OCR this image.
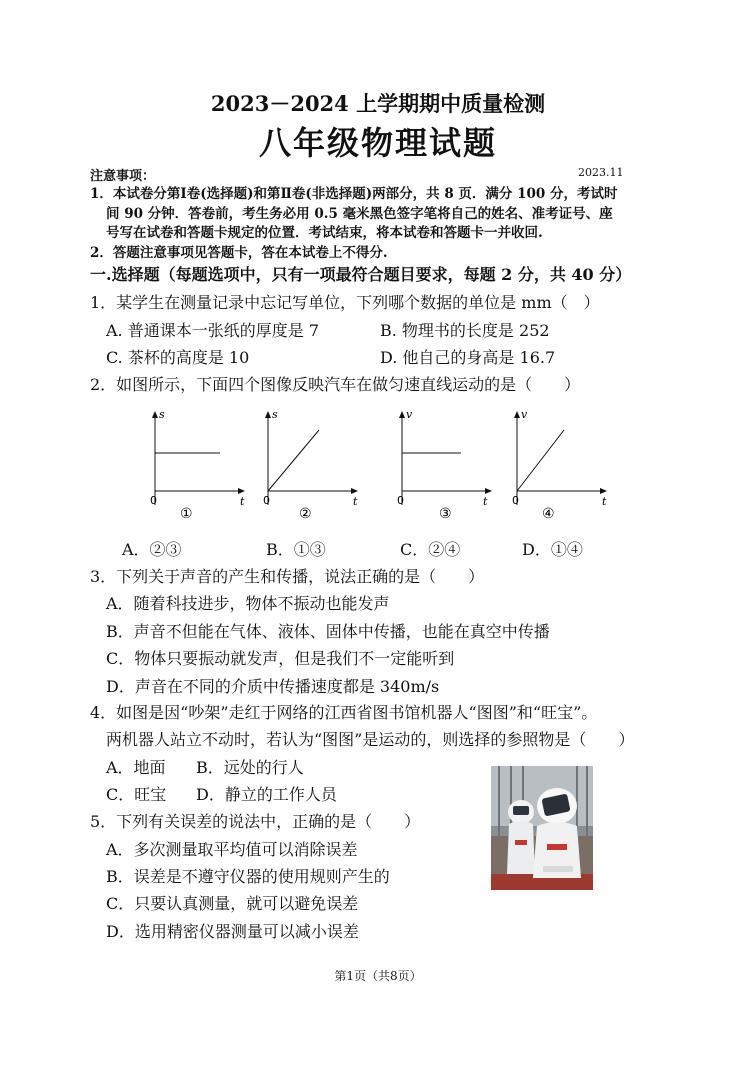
2023－2024 上学期期中质量检测
八年级物理试题
注意事项：	2023.11
1．本试卷分第Ⅰ卷(选择题)和第Ⅱ卷(非选择题)两部分，共 8 页．满分 100 分，考试时
间 90 分钟．答卷前，考生务必用 0.5 毫米黑色签字笔将自己的姓名、准考证号、座
号写在试卷和答题卡规定的位置．考试结束，将本试卷和答题卡一并收回.
2．答题注意事项见答题卡，答在本试卷上不得分.
一.选择题（每题选项中，只有一项最符合题目要求，每题 2 分，共 40 分）
1．某学生在测量记录中忘记写单位，下列哪个数据的单位是 mm（　）
A. 普通课本一张纸的厚度是 7	B. 物理书的长度是 252
C. 茶杯的高度是 10	D. 他自己的身高是 16.7
2．如图所示，下面四个图像反映汽车在做匀速直线运动的是（　　）
s
t
0
①
s
t
0
②
v
t
0
③
v
t
0
④
A．②③	B．①③	C．②④	D．①④
3．下列关于声音的产生和传播，说法正确的是（　　）
A．随着科技进步，物体不振动也能发声
B．声音不但能在气体、液体、固体中传播，也能在真空中传播
C．物体只要振动就发声，但是我们不一定能听到
D．声音在不同的介质中传播速度都是 340m/s
4．如图是因“吵架”走红于网络的江西省图书馆机器人“图图”和“旺宝”。
两机器人站立不动时，若认为“图图”是运动的，则选择的参照物是（　　）
A．地面 B．远处的行人
C．旺宝 D．静立的工作人员
5．下列有关误差的说法中，正确的是（　　）
A．多次测量取平均值可以消除误差
B．误差是不遵守仪器的使用规则产生的
C．只要认真测量，就可以避免误差
D．选用精密仪器测量可以减小误差
第1页（共8页）
